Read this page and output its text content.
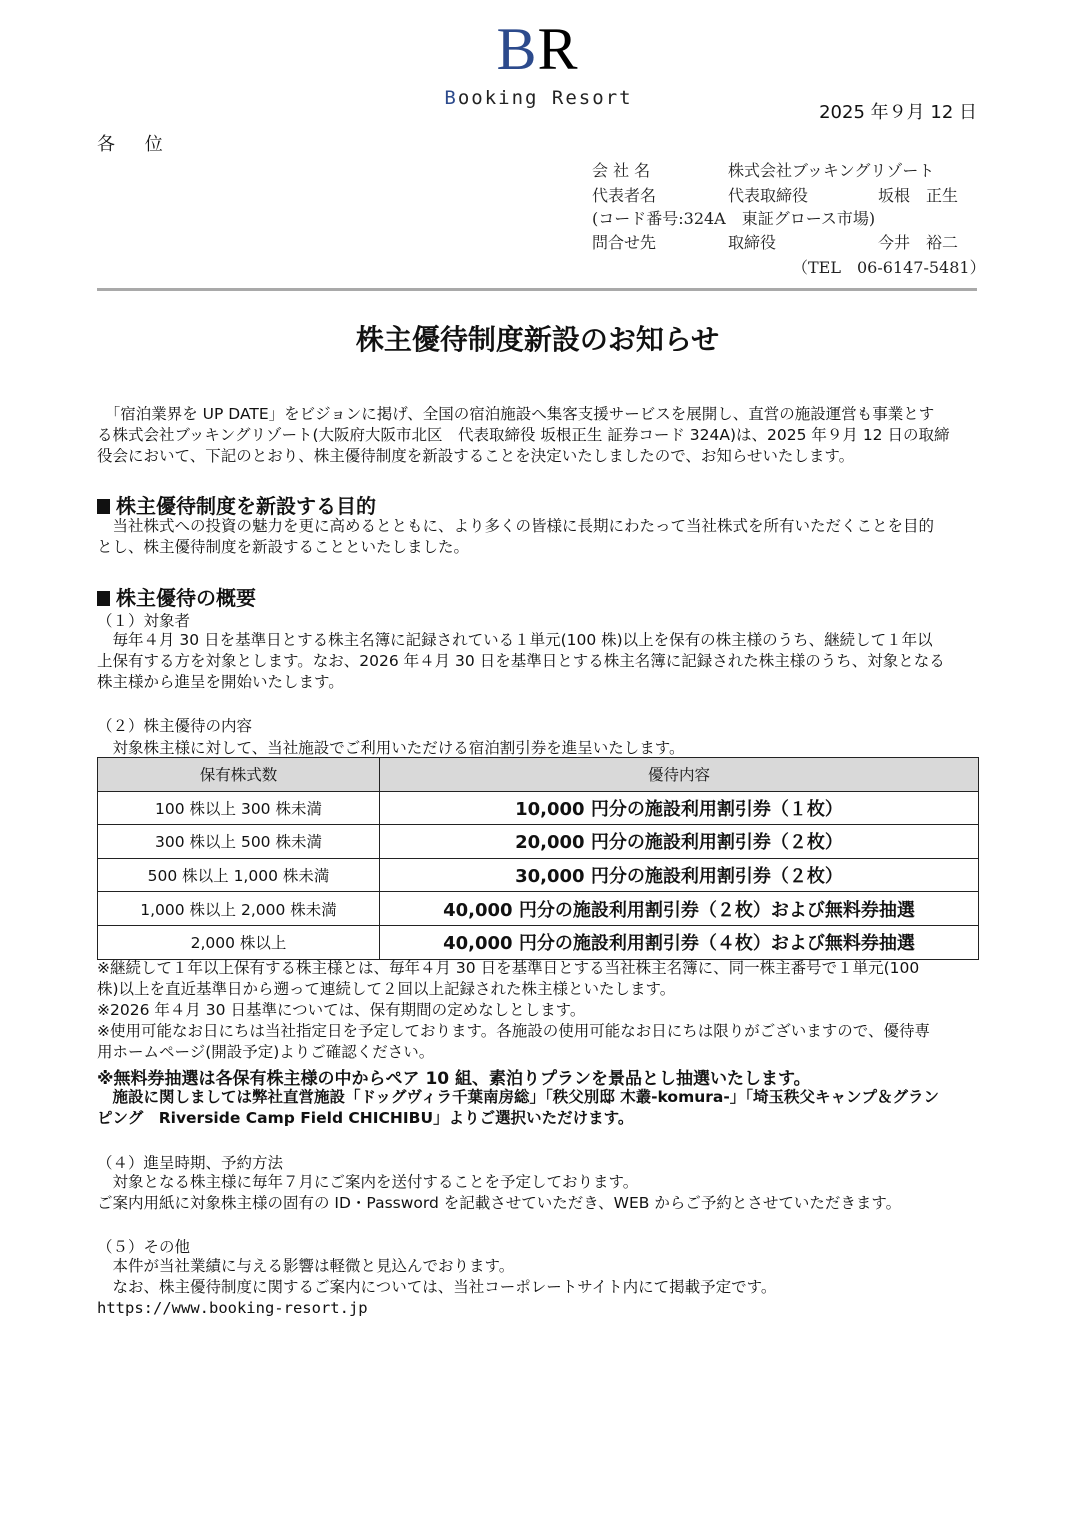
BR
Booking Resort
2025 年９月 12 日
各 位
会 社 名	株式会社ブッキングリゾート
代表者名	代表取締役	坂根　正生
(コード番号:324A　東証グロース市場)
問合せ先	取締役	今井　裕二
（TEL　06-6147-5481）
株主優待制度新設のお知らせ
　「宿泊業界を UP DATE」をビジョンに掲げ、全国の宿泊施設へ集客支援サービスを展開し、直営の施設運営も事業とす
る株式会社ブッキングリゾート(大阪府大阪市北区　代表取締役 坂根正生 証券コード 324A)は、2025 年９月 12 日の取締
役会において、下記のとおり、株主優待制度を新設することを決定いたしましたので、お知らせいたします。
株主優待制度を新設する目的
　当社株式への投資の魅力を更に高めるとともに、より多くの皆様に長期にわたって当社株式を所有いただくことを目的
とし、株主優待制度を新設することといたしました。
株主優待の概要
（１）対象者
　毎年４月 30 日を基準日とする株主名簿に記録されている１単元(100 株)以上を保有の株主様のうち、継続して１年以
上保有する方を対象とします。なお、2026 年４月 30 日を基準日とする株主名簿に記録された株主様のうち、対象となる
株主様から進呈を開始いたします。
（２）株主優待の内容
　対象株主様に対して、当社施設でご利用いただける宿泊割引券を進呈いたします。
保有株式数	優待内容
100 株以上 300 株未満	10,000 円分の施設利用割引券（１枚）
300 株以上 500 株未満	20,000 円分の施設利用割引券（２枚）
500 株以上 1,000 株未満	30,000 円分の施設利用割引券（２枚）
1,000 株以上 2,000 株未満	40,000 円分の施設利用割引券（２枚）および無料券抽選
2,000 株以上	40,000 円分の施設利用割引券（４枚）および無料券抽選
※継続して１年以上保有する株主様とは、毎年４月 30 日を基準日とする当社株主名簿に、同一株主番号で１単元(100
株)以上を直近基準日から遡って連続して２回以上記録された株主様といたします。
※2026 年４月 30 日基準については、保有期間の定めなしとします。
※使用可能なお日にちは当社指定日を予定しております。各施設の使用可能なお日にちは限りがございますので、優待専
用ホームページ(開設予定)よりご確認ください。
※無料券抽選は各保有株主様の中からペア 10 組、素泊りプランを景品とし抽選いたします。
　施設に関しましては弊社直営施設「ドッグヴィラ千葉南房総」「秩父別邸 木叢-komura-」「埼玉秩父キャンプ＆グラン
ピング　Riverside Camp Field CHICHIBU」よりご選択いただけます。
（４）進呈時期、予約方法
　対象となる株主様に毎年７月にご案内を送付することを予定しております。
ご案内用紙に対象株主様の固有の ID・Password を記載させていただき、WEB からご予約とさせていただきます。
（５）その他
　本件が当社業績に与える影響は軽微と見込んでおります。
　なお、株主優待制度に関するご案内については、当社コーポレートサイト内にて掲載予定です。
https://www.booking-resort.jp
